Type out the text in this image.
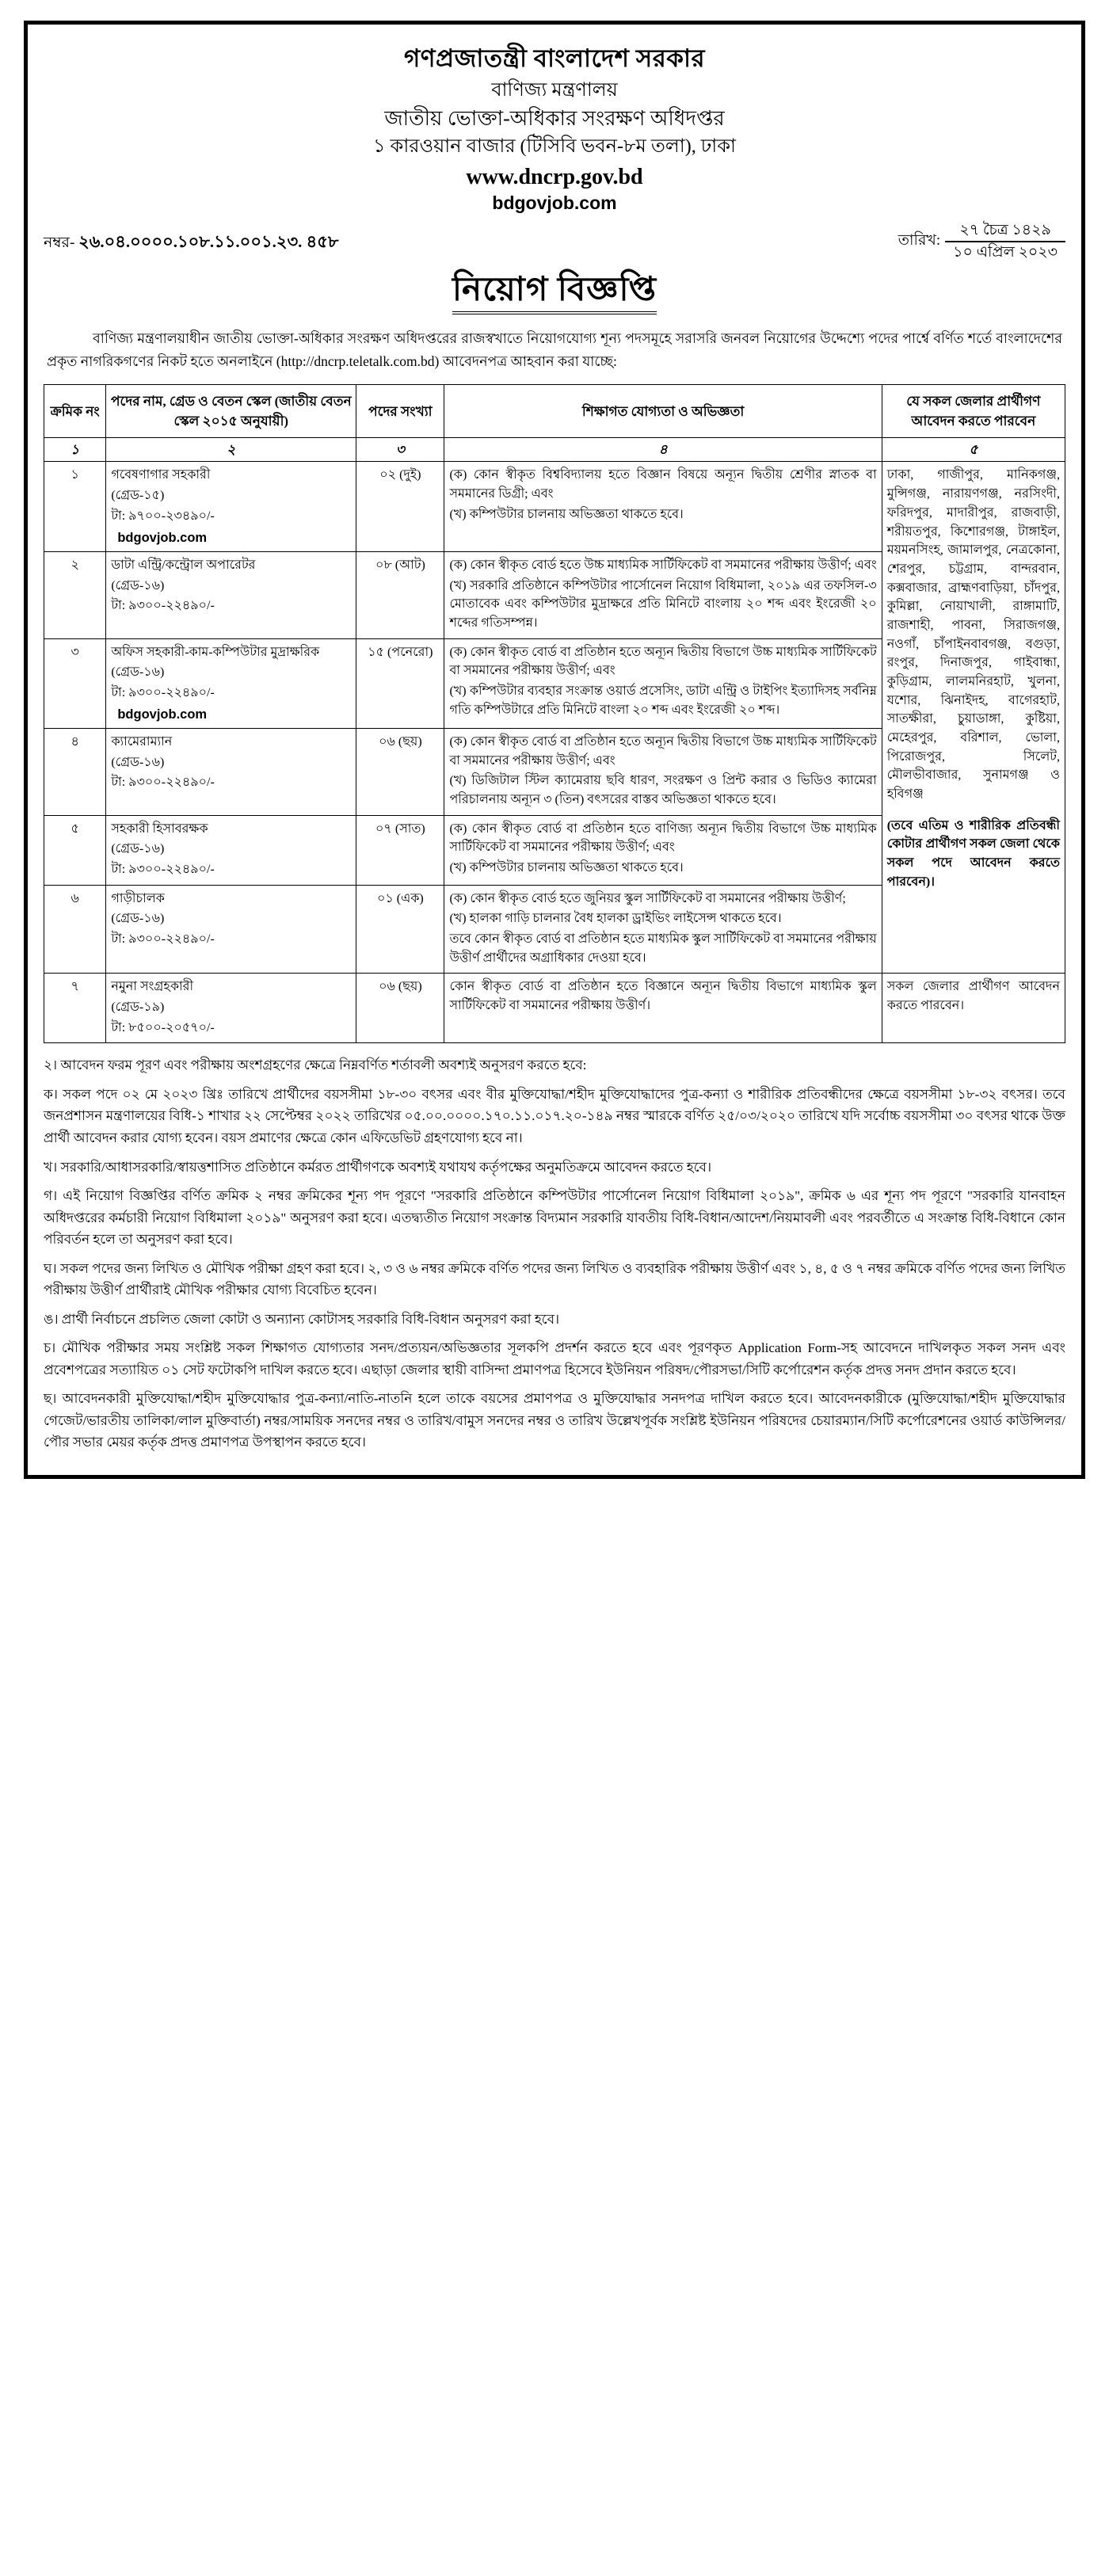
গণপ্রজাতন্ত্রী বাংলাদেশ সরকার
বাণিজ্য মন্ত্রণালয়
জাতীয় ভোক্তা-অধিকার সংরক্ষণ অধিদপ্তর
১ কারওয়ান বাজার (টিসিবি ভবন-৮ম তলা), ঢাকা
www.dncrp.gov.bd
bdgovjob.com
নম্বর- ২৬.০৪.০০০০.১০৮.১১.০০১.২৩. ৪৫৮	তারিখ: $\frac{\text{২৭ চৈত্র ১৪২৯}}{\text{১০ এপ্রিল ২০২৩}}$
নিয়োগ বিজ্ঞপ্তি
বাণিজ্য মন্ত্রণালয়াধীন জাতীয় ভোক্তা-অধিকার সংরক্ষণ অধিদপ্তরের রাজস্বখাতে নিয়োগযোগ্য শূন্য পদসমূহে সরাসরি জনবল নিয়োগের উদ্দেশ্যে পদের পার্শ্বে বর্ণিত শর্তে বাংলাদেশের প্রকৃত নাগরিকগণের নিকট হতে অনলাইনে (http://dncrp.teletalk.com.bd) আবেদনপত্র আহবান করা যাচ্ছে:
ক্রমিক নং	পদের নাম, গ্রেড ও বেতন স্কেল (জাতীয় বেতন স্কেল ২০১৫ অনুযায়ী)	পদের সংখ্যা	শিক্ষাগত যোগ্যতা ও অভিজ্ঞতা	যে সকল জেলার প্রার্থীগণ আবেদন করতে পারবেন
১	২	৩	৪	৫
১	গবেষণাগার সহকারী
(গ্রেড-১৫)
টা: ৯৭০০-২৩৪৯০/-
bdgovjob.com
	০২ (দুই)	(ক) কোন স্বীকৃত বিশ্ববিদ্যালয় হতে বিজ্ঞান বিষয়ে অন্যূন দ্বিতীয় শ্রেণীর স্নাতক বা সমমানের ডিগ্রী; এবং
(খ) কম্পিউটার চালনায় অভিজ্ঞতা থাকতে হবে।
	ঢাকা, গাজীপুর, মানিকগঞ্জ, মুন্সিগঞ্জ, নারায়ণগঞ্জ, নরসিংদী, ফরিদপুর, মাদারীপুর, রাজবাড়ী, শরীয়তপুর, কিশোরগঞ্জ, টাঙ্গাইল, ময়মনসিংহ, জামালপুর, নেত্রকোনা, শেরপুর, চট্টগ্রাম, বান্দরবান, কক্সবাজার, ব্রাহ্মণবাড়িয়া, চাঁদপুর, কুমিল্লা, নোয়াখালী, রাঙ্গামাটি, রাজশাহী, পাবনা, সিরাজগঞ্জ, নওগাঁ, চাঁপাইনবাবগঞ্জ, বগুড়া, রংপুর, দিনাজপুর, গাইবান্ধা, কুড়িগ্রাম, লালমনিরহাট, খুলনা, যশোর, ঝিনাইদহ, বাগেরহাট, সাতক্ষীরা, চুয়াডাঙ্গা, কুষ্টিয়া, মেহেরপুর, বরিশাল, ভোলা, পিরোজপুর, সিলেট, মৌলভীবাজার, সুনামগঞ্জ ও হবিগঞ্জ
(তবে এতিম ও শারীরিক প্রতিবন্ধী কোটার প্রার্থীগণ সকল জেলা থেকে সকল পদে আবেদন করতে পারবেন)।

২	ডাটা এন্ট্রি/কন্ট্রোল অপারেটর
(গ্রেড-১৬)
টা: ৯৩০০-২২৪৯০/-
	০৮ (আট)	(ক) কোন স্বীকৃত বোর্ড হতে উচ্চ মাধ্যমিক সার্টিফিকেট বা সমমানের পরীক্ষায় উত্তীর্ণ; এবং
(খ) সরকারি প্রতিষ্ঠানে কম্পিউটার পার্সোনেল নিয়োগ বিধিমালা, ২০১৯ এর তফসিল-৩ মোতাবেক এবং কম্পিউটার মুদ্রাক্ষরে প্রতি মিনিটে বাংলায় ২০ শব্দ এবং ইংরেজী ২০ শব্দের গতিসম্পন্ন।

৩	অফিস সহকারী-কাম-কম্পিউটার মুদ্রাক্ষরিক
(গ্রেড-১৬)
টা: ৯৩০০-২২৪৯০/-
bdgovjob.com
	১৫ (পনেরো)	(ক) কোন স্বীকৃত বোর্ড বা প্রতিষ্ঠান হতে অন্যূন দ্বিতীয় বিভাগে উচ্চ মাধ্যমিক সার্টিফিকেট বা সমমানের পরীক্ষায় উত্তীর্ণ; এবং
(খ) কম্পিউটার ব্যবহার সংক্রান্ত ওয়ার্ড প্রসেসিং, ডাটা এন্ট্রি ও টাইপিং ইত্যাদিসহ সর্বনিম্ন গতি কম্পিউটারে প্রতি মিনিটে বাংলা ২০ শব্দ এবং ইংরেজী ২০ শব্দ।

৪	ক্যামেরাম্যান
(গ্রেড-১৬)
টা: ৯৩০০-২২৪৯০/-
	০৬ (ছয়)	(ক) কোন স্বীকৃত বোর্ড বা প্রতিষ্ঠান হতে অন্যূন দ্বিতীয় বিভাগে উচ্চ মাধ্যমিক সার্টিফিকেট বা সমমানের পরীক্ষায় উত্তীর্ণ; এবং
(খ) ডিজিটাল স্টিল ক্যামেরায় ছবি ধারণ, সংরক্ষণ ও প্রিন্ট করার ও ভিডিও ক্যামেরা পরিচালনায় অন্যূন ৩ (তিন) বৎসরের বাস্তব অভিজ্ঞতা থাকতে হবে।

৫	সহকারী হিসাবরক্ষক
(গ্রেড-১৬)
টা: ৯৩০০-২২৪৯০/-	০৭ (সাত)	(ক) কোন স্বীকৃত বোর্ড বা প্রতিষ্ঠান হতে বাণিজ্য অন্যূন দ্বিতীয় বিভাগে উচ্চ মাধ্যমিক সার্টিফিকেট বা সমমানের পরীক্ষায় উত্তীর্ণ; এবং
(খ) কম্পিউটার চালনায় অভিজ্ঞতা থাকতে হবে।	

৬	গাড়ীচালক
(গ্রেড-১৬)
টা: ৯৩০০-২২৪৯০/-
	০১ (এক)	(ক) কোন স্বীকৃত বোর্ড হতে জুনিয়র স্কুল সার্টিফিকেট বা সমমানের পরীক্ষায় উত্তীর্ণ;
(খ) হালকা গাড়ি চালনার বৈধ হালকা ড্রাইভিং লাইসেন্স থাকতে হবে।
তবে কোন স্বীকৃত বোর্ড বা প্রতিষ্ঠান হতে মাধ্যমিক স্কুল সার্টিফিকেট বা সমমানের পরীক্ষায় উত্তীর্ণ প্রার্থীদের অগ্রাধিকার দেওয়া হবে।

৭	নমুনা সংগ্রহকারী
(গ্রেড-১৯)
টা: ৮৫০০-২০৫৭০/-	০৬ (ছয়)	কোন স্বীকৃত বোর্ড বা প্রতিষ্ঠান হতে বিজ্ঞানে অন্যূন দ্বিতীয় বিভাগে মাধ্যমিক স্কুল সার্টিফিকেট বা সমমানের পরীক্ষায় উত্তীর্ণ।	সকল জেলার প্রার্থীগণ আবেদন করতে পারবেন।
২। আবেদন ফরম পূরণ এবং পরীক্ষায় অংশগ্রহণের ক্ষেত্রে নিম্নবর্ণিত শর্তাবলী অবশ্যই অনুসরণ করতে হবে:
ক। সকল পদে ০২ মে ২০২৩ খ্রিঃ তারিখে প্রার্থীদের বয়সসীমা ১৮-৩০ বৎসর এবং বীর মুক্তিযোদ্ধা/শহীদ মুক্তিযোদ্ধাদের পুত্র-কন্যা ও শারীরিক প্রতিবন্ধীদের ক্ষেত্রে বয়সসীমা ১৮-৩২ বৎসর। তবে জনপ্রশাসন মন্ত্রণালয়ের বিধি-১ শাখার ২২ সেপ্টেম্বর ২০২২ তারিখের ০৫.০০.০০০০.১৭০.১১.০১৭.২০-১৪৯ নম্বর স্মারকে বর্ণিত ২৫/০৩/২০২০ তারিখে যদি সর্বোচ্চ বয়সসীমা ৩০ বৎসর থাকে উক্ত প্রার্থী আবেদন করার যোগ্য হবেন। বয়স প্রমাণের ক্ষেত্রে কোন এফিডেভিট গ্রহণযোগ্য হবে না।
খ। সরকারি/আধাসরকারি/স্বায়ত্তশাসিত প্রতিষ্ঠানে কর্মরত প্রার্থীগণকে অবশ্যই যথাযথ কর্তৃপক্ষের অনুমতিক্রমে আবেদন করতে হবে।
গ। এই নিয়োগ বিজ্ঞপ্তির বর্ণিত ক্রমিক ২ নম্বর ক্রমিকের শূন্য পদ পূরণে "সরকারি প্রতিষ্ঠানে কম্পিউটার পার্সোনেল নিয়োগ বিধিমালা ২০১৯", ক্রমিক ৬ এর শূন্য পদ পূরণে "সরকারি যানবাহন অধিদপ্তরের কর্মচারী নিয়োগ বিধিমালা ২০১৯" অনুসরণ করা হবে। এতদ্ব্যতীত নিয়োগ সংক্রান্ত বিদ্যমান সরকারি যাবতীয় বিধি-বিধান/আদেশ/নিয়মাবলী এবং পরবর্তীতে এ সংক্রান্ত বিধি-বিধানে কোন পরিবর্তন হলে তা অনুসরণ করা হবে।
ঘ। সকল পদের জন্য লিখিত ও মৌখিক পরীক্ষা গ্রহণ করা হবে। ২, ৩ ও ৬ নম্বর ক্রমিকে বর্ণিত পদের জন্য লিখিত ও ব্যবহারিক পরীক্ষায় উত্তীর্ণ এবং ১, ৪, ৫ ও ৭ নম্বর ক্রমিকে বর্ণিত পদের জন্য লিখিত পরীক্ষায় উত্তীর্ণ প্রার্থীরাই মৌখিক পরীক্ষার যোগ্য বিবেচিত হবেন।
ঙ। প্রার্থী নির্বাচনে প্রচলিত জেলা কোটা ও অন্যান্য কোটাসহ সরকারি বিধি-বিধান অনুসরণ করা হবে।
চ। মৌখিক পরীক্ষার সময় সংশ্লিষ্ট সকল শিক্ষাগত যোগ্যতার সনদ/প্রত্যয়ন/অভিজ্ঞতার সূলকপি প্রদর্শন করতে হবে এবং পূরণকৃত Application Form-সহ আবেদনে দাখিলকৃত সকল সনদ এবং প্রবেশপত্রের সত্যায়িত ০১ সেট ফটোকপি দাখিল করতে হবে। এছাড়া জেলার স্থায়ী বাসিন্দা প্রমাণপত্র হিসেবে ইউনিয়ন পরিষদ/পৌরসভা/সিটি কর্পোরেশন কর্তৃক প্রদত্ত সনদ প্রদান করতে হবে।
ছ। আবেদনকারী মুক্তিযোদ্ধা/শহীদ মুক্তিযোদ্ধার পুত্র-কন্যা/নাতি-নাতনি হলে তাকে বয়সের প্রমাণপত্র ও মুক্তিযোদ্ধার সনদপত্র দাখিল করতে হবে। আবেদনকারীকে (মুক্তিযোদ্ধা/শহীদ মুক্তিযোদ্ধার গেজেট/ভারতীয় তালিকা/লাল মুক্তিবার্তা) নম্বর/সাময়িক সনদের নম্বর ও তারিখ/বামুস সনদের নম্বর ও তারিখ উল্লেখপূর্বক সংশ্লিষ্ট ইউনিয়ন পরিষদের চেয়ারম্যান/সিটি কর্পোরেশনের ওয়ার্ড কাউন্সিলর/পৌর সভার মেয়র কর্তৃক প্রদত্ত প্রমাণপত্র উপস্থাপন করতে হবে।
